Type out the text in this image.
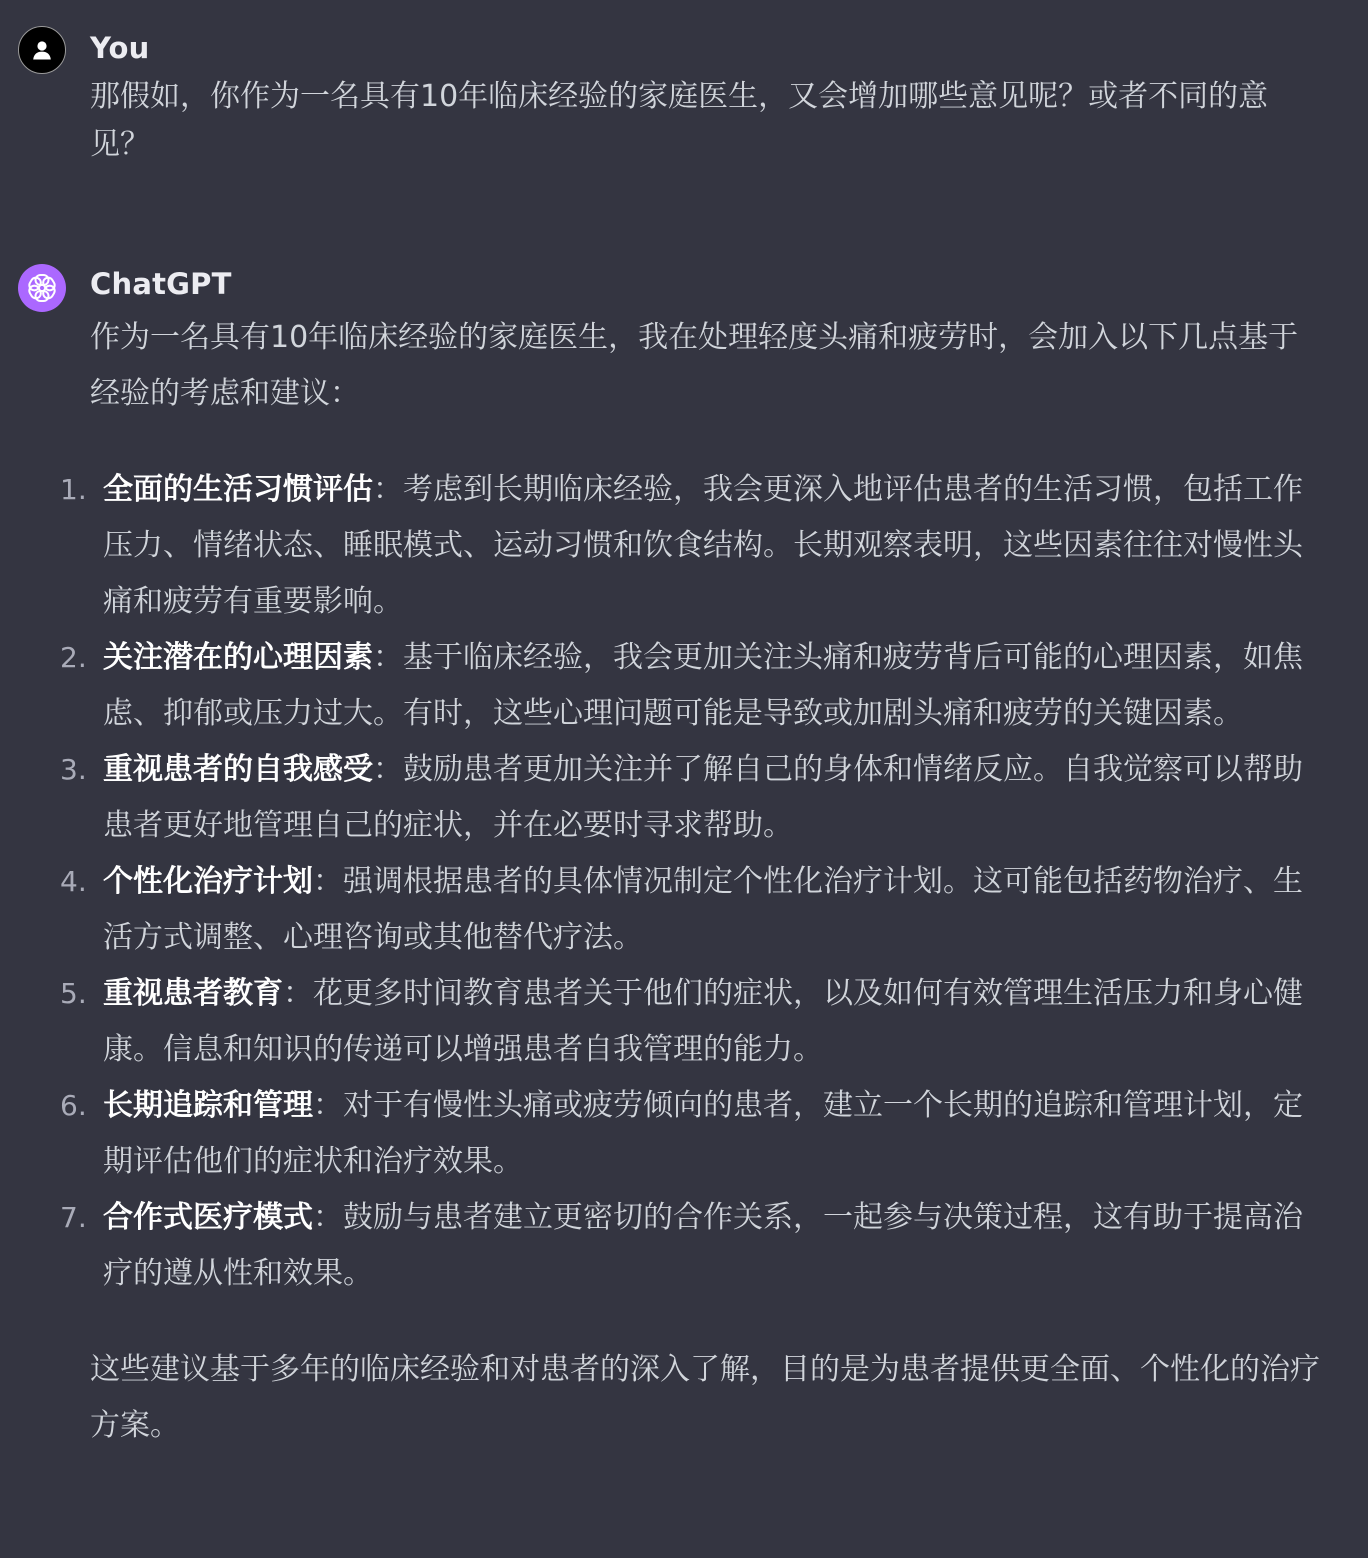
You
那假如，你作为一名具有10年临床经验的家庭医生，又会增加哪些意见呢？或者不同的意见？
ChatGPT

作为一名具有10年临床经验的家庭医生，我在处理轻度头痛和疲劳时，会加入以下几点基于经验的考虑和建议：

1. 全面的生活习惯评估：考虑到长期临床经验，我会更深入地评估患者的生活习惯，包括工作压力、情绪状态、睡眠模式、运动习惯和饮食结构。长期观察表明，这些因素往往对慢性头痛和疲劳有重要影响。
2. 关注潜在的心理因素：基于临床经验，我会更加关注头痛和疲劳背后可能的心理因素，如焦虑、抑郁或压力过大。有时，这些心理问题可能是导致或加剧头痛和疲劳的关键因素。
3. 重视患者的自我感受：鼓励患者更加关注并了解自己的身体和情绪反应。自我觉察可以帮助患者更好地管理自己的症状，并在必要时寻求帮助。
4. 个性化治疗计划：强调根据患者的具体情况制定个性化治疗计划。这可能包括药物治疗、生活方式调整、心理咨询或其他替代疗法。
5. 重视患者教育：花更多时间教育患者关于他们的症状，以及如何有效管理生活压力和身心健康。信息和知识的传递可以增强患者自我管理的能力。
6. 长期追踪和管理：对于有慢性头痛或疲劳倾向的患者，建立一个长期的追踪和管理计划，定期评估他们的症状和治疗效果。
7. 合作式医疗模式：鼓励与患者建立更密切的合作关系，一起参与决策过程，这有助于提高治疗的遵从性和效果。

这些建议基于多年的临床经验和对患者的深入了解，目的是为患者提供更全面、个性化的治疗方案。
